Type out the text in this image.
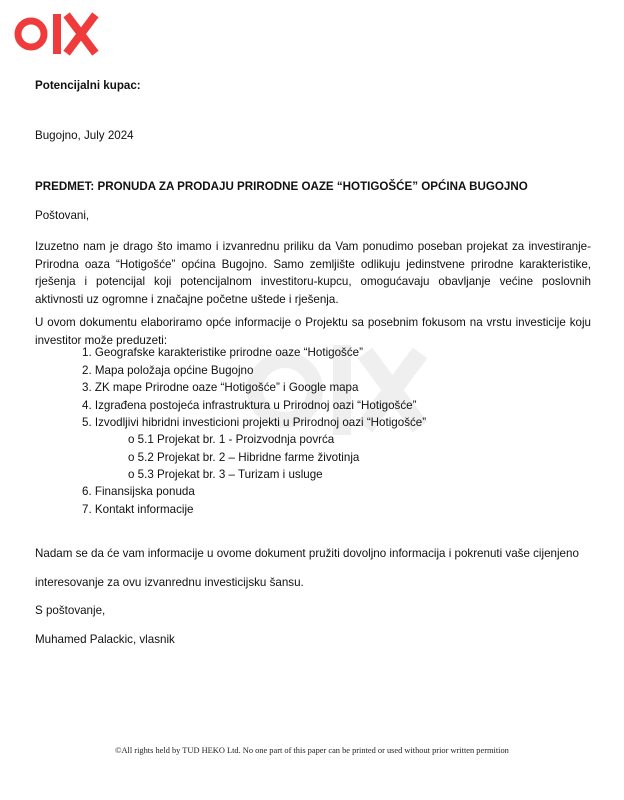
Potencijalni kupac:
Bugojno, July 2024
PREDMET: PRONUDA ZA PRODAJU PRIRODNE OAZE “HOTIGOŠĆE” OPĆINA BUGOJNO
Poštovani,
Izuzetno nam je drago što imamo i izvanrednu priliku da Vam ponudimo poseban projekat za investiranje- Prirodna oaza “Hotigošće” općina Bugojno. Samo zemljište odlikuju jedinstvene prirodne karakteristike, rješenja i potencijal koji potencijalnom investitoru-kupcu, omogućavaju obavljanje većine poslovnih aktivnosti uz ogromne i značajne početne uštede i rješenja.
U ovom dokumentu elaboriramo opće informacije o Projektu sa posebnim fokusom na vrstu investicije koju investitor može preduzeti:
1. Geografske karakteristike prirodne oaze “Hotigošće”
2. Mapa položaja općine Bugojno
3. ZK mape Prirodne oaze “Hotigošće” i Google mapa
4. Izgrađena postojeća infrastruktura u Prirodnoj oazi “Hotigošće”
5. Izvodljivi hibridni investicioni projekti u Prirodnoj oazi “Hotigošće”
o 5.1 Projekat br. 1 - Proizvodnja povrća
o 5.2 Projekat br. 2 – Hibridne farme životinja
o 5.3 Projekat br. 3 – Turizam i usluge
6. Finansijska ponuda
7. Kontakt informacije
Nadam se da će vam informacije u ovome dokument pružiti dovoljno informacija i pokrenuti vaše cijenjeno
interesovanje za ovu izvanrednu investicijsku šansu.
S poštovanje,
Muhamed Palackic, vlasnik
©All rights held by TUD HEKO Ltd. No one part of this paper can be printed or used without prior written permition
